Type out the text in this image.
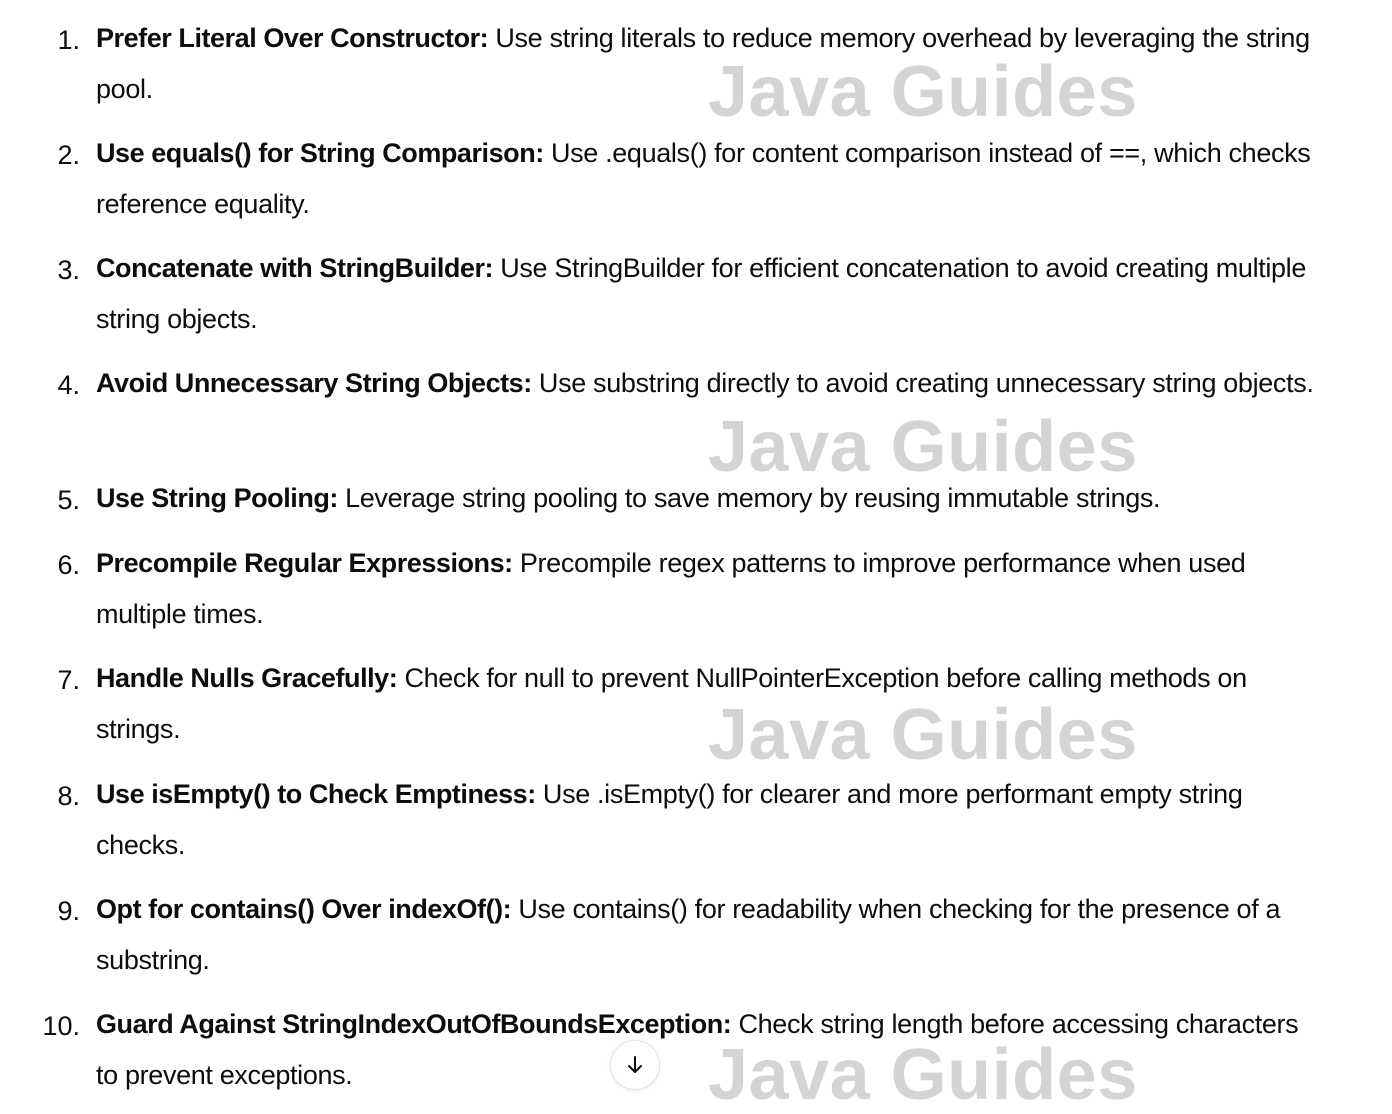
1. Prefer Literal Over Constructor: Use string literals to reduce memory overhead by leveraging the string pool.
2. Use equals() for String Comparison: Use .equals() for content comparison instead of ==, which checks reference equality.
3. Concatenate with StringBuilder: Use StringBuilder for efficient concatenation to avoid creating multiple string objects.
4. Avoid Unnecessary String Objects: Use substring directly to avoid creating unnecessary string objects.
5. Use String Pooling: Leverage string pooling to save memory by reusing immutable strings.
6. Precompile Regular Expressions: Precompile regex patterns to improve performance when used multiple times.
7. Handle Nulls Gracefully: Check for null to prevent NullPointerException before calling methods on strings.
8. Use isEmpty() to Check Emptiness: Use .isEmpty() for clearer and more performant empty string checks.
9. Opt for contains() Over indexOf(): Use contains() for readability when checking for the presence of a substring.
10. Guard Against StringIndexOutOfBoundsException: Check string length before accessing characters to prevent exceptions.
Java Guides
Java Guides
Java Guides
Java Guides
